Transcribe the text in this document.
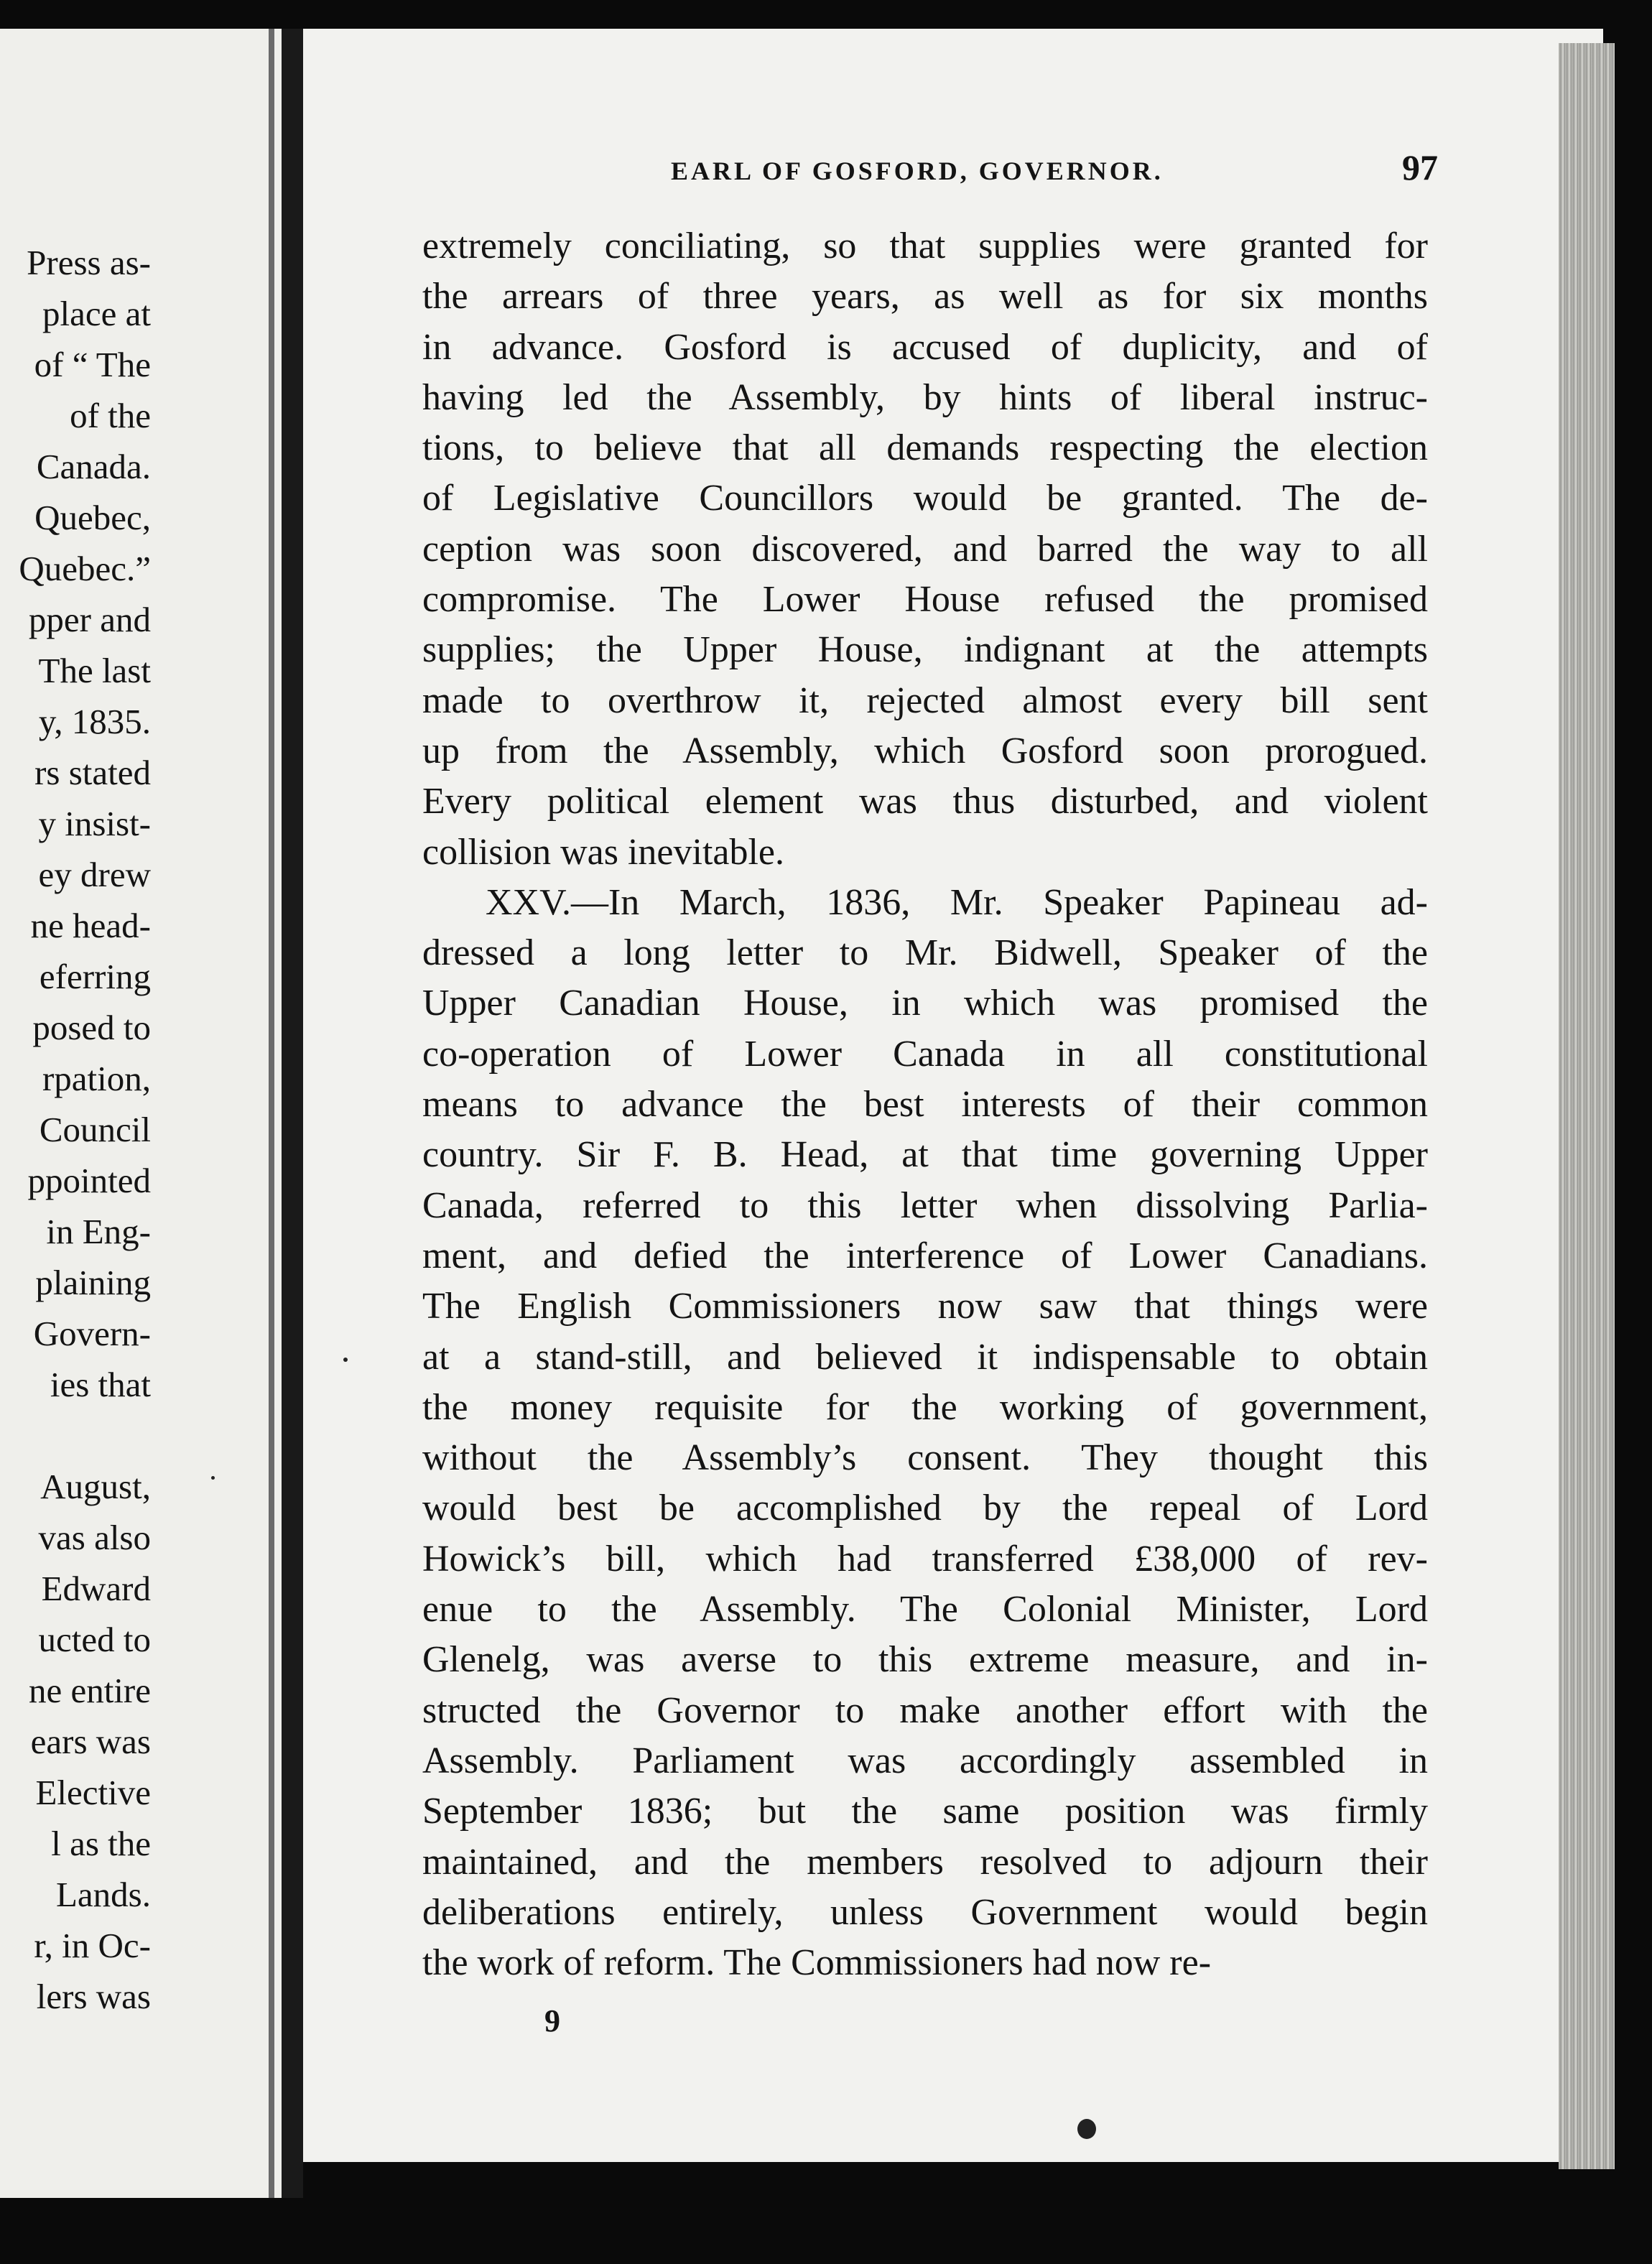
Press as-
place at
of “ The
of the
Canada.
Quebec,
Quebec.”
pper and
The last
y, 1835.
rs stated
y insist-
ey drew
ne head-
eferring
posed to
rpation,
Council
ppointed
in Eng-
plaining
Govern-
ies that

August,
vas also
Edward
ucted to
ne entire
ears was
Elective
l as the
Lands.
r, in Oc-
lers was
EARL OF GOSFORD, GOVERNOR.	97
extremely conciliating, so that supplies were granted for
the arrears of three years, as well as for six months
in advance. Gosford is accused of duplicity, and of
having led the Assembly, by hints of liberal instruc-
tions, to believe that all demands respecting the election
of Legislative Councillors would be granted. The de-
ception was soon discovered, and barred the way to all
compromise. The Lower House refused the promised
supplies; the Upper House, indignant at the attempts
made to overthrow it, rejected almost every bill sent
up from the Assembly, which Gosford soon prorogued.
Every political element was thus disturbed, and violent
collision was inevitable.
XXV.—In March, 1836, Mr. Speaker Papineau ad-
dressed a long letter to Mr. Bidwell, Speaker of the
Upper Canadian House, in which was promised the
co-operation of Lower Canada in all constitutional
means to advance the best interests of their common
country. Sir F. B. Head, at that time governing Upper
Canada, referred to this letter when dissolving Parlia-
ment, and defied the interference of Lower Canadians.
The English Commissioners now saw that things were
at a stand-still, and believed it indispensable to obtain
the money requisite for the working of government,
without the Assembly’s consent. They thought this
would best be accomplished by the repeal of Lord
Howick’s bill, which had transferred £38,000 of rev-
enue to the Assembly. The Colonial Minister, Lord
Glenelg, was averse to this extreme measure, and in-
structed the Governor to make another effort with the
Assembly. Parliament was accordingly assembled in
September 1836; but the same position was firmly
maintained, and the members resolved to adjourn their
deliberations entirely, unless Government would begin
the work of reform. The Commissioners had now re-
9
